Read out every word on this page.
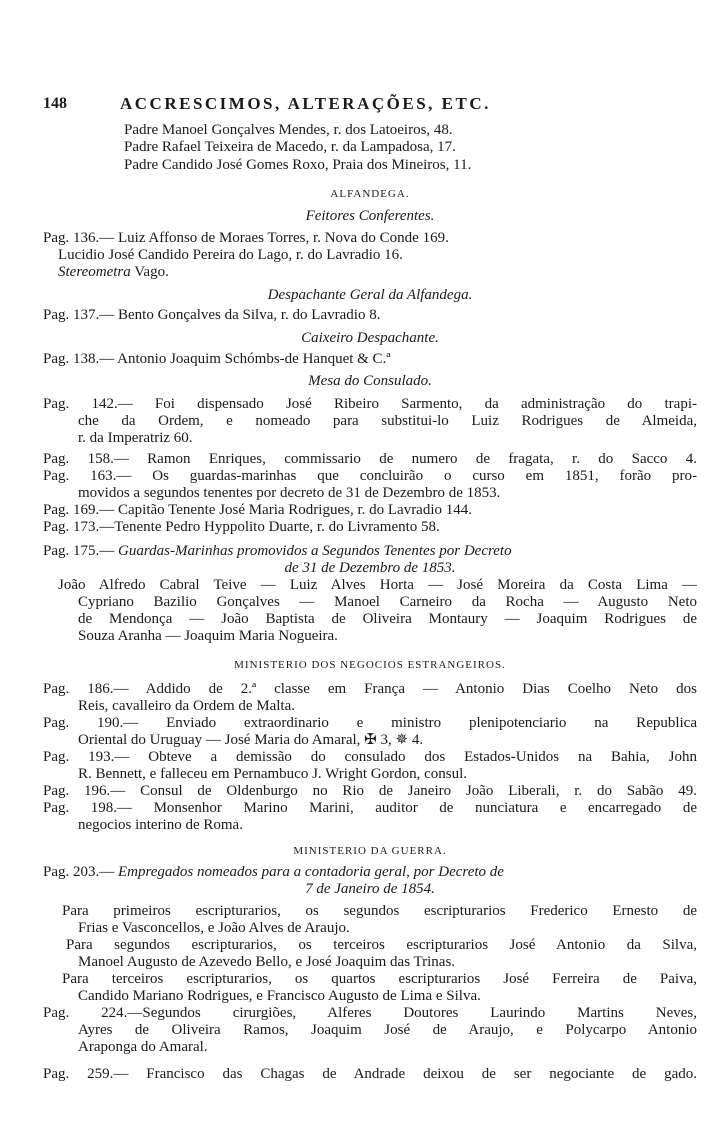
148	ACCRESCIMOS, ALTERAÇÕES, ETC.
Padre Manoel Gonçalves Mendes, r. dos Latoeiros, 48.
Padre Rafael Teixeira de Macedo, r. da Lampadosa, 17.
Padre Candido José Gomes Roxo, Praia dos Mineiros, 11.
ALFANDEGA.
Feitores Conferentes.
Pag. 136.— Luiz Affonso de Moraes Torres, r. Nova do Conde 169.
Lucidio José Candido Pereira do Lago, r. do Lavradio 16.
Stereometra Vago.
Despachante Geral da Alfandega.
Pag. 137.— Bento Gonçalves da Silva, r. do Lavradio 8.
Caixeiro Despachante.
Pag. 138.— Antonio Joaquim Schómbs-de Hanquet & C.ª
Mesa do Consulado.
Pag. 142.— Foi dispensado José Ribeiro Sarmento, da administração do trapi-
che da Ordem, e nomeado para substitui-lo Luiz Rodrigues de Almeida,
r. da Imperatriz 60.
Pag. 158.— Ramon Enriques, commissario de numero de fragata, r. do Sacco 4.
Pag. 163.— Os guardas-marinhas que concluirão o curso em 1851, forão pro-
movidos a segundos tenentes por decreto de 31 de Dezembro de 1853.
Pag. 169.— Capitão Tenente José Maria Rodrigues, r. do Lavradio 144.
Pag. 173.—Tenente Pedro Hyppolito Duarte, r. do Livramento 58.
Pag. 175.— Guardas-Marinhas promovidos a Segundos Tenentes por Decreto
de 31 de Dezembro de 1853.
João Alfredo Cabral Teive — Luiz Alves Horta — José Moreira da Costa Lima —
Cypriano Bazilio Gonçalves — Manoel Carneiro da Rocha — Augusto Neto
de Mendonça — João Baptista de Oliveira Montaury — Joaquim Rodrigues de
Souza Aranha — Joaquim Maria Nogueira.
MINISTERIO DOS NEGOCIOS ESTRANGEIROS.
Pag. 186.— Addido de 2.ª classe em França — Antonio Dias Coelho Neto dos
Reis, cavalleiro da Ordem de Malta.
Pag. 190.— Enviado extraordinario e ministro plenipotenciario na Republica
Oriental do Uruguay — José Maria do Amaral, ✠ 3, ✵ 4.
Pag. 193.— Obteve a demissão do consulado dos Estados-Unidos na Bahia, John
R. Bennett, e falleceu em Pernambuco J. Wright Gordon, consul.
Pag. 196.— Consul de Oldenburgo no Rio de Janeiro João Liberali, r. do Sabão 49.
Pag. 198.— Monsenhor Marino Marini, auditor de nunciatura e encarregado de
negocios interino de Roma.
MINISTERIO DA GUERRA.
Pag. 203.— Empregados nomeados para a contadoria geral, por Decreto de
7 de Janeiro de 1854.
Para primeiros escripturarios, os segundos escripturarios Frederico Ernesto de
Frias e Vasconcellos, e João Alves de Araujo.
Para segundos escripturarios, os terceiros escripturarios José Antonio da Silva,
Manoel Augusto de Azevedo Bello, e José Joaquim das Trinas.
Para terceiros escripturarios, os quartos escripturarios José Ferreira de Paiva,
Candido Mariano Rodrigues, e Francisco Augusto de Lima e Silva.
Pag. 224.—Segundos cirurgiões, Alferes Doutores Laurindo Martins Neves,
Ayres de Oliveira Ramos, Joaquim José de Araujo, e Polycarpo Antonio
Araponga do Amaral.
Pag. 259.— Francisco das Chagas de Andrade deixou de ser negociante de gado.
